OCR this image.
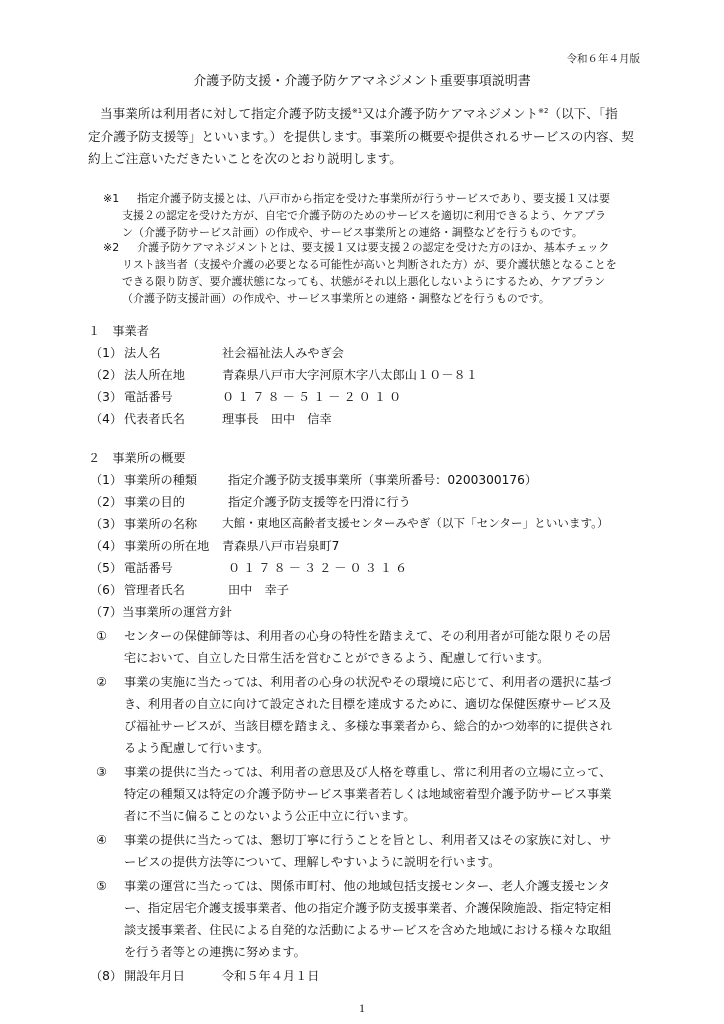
令和６年４月版
介護予防支援・介護予防ケアマネジメント重要事項説明書
当事業所は利用者に対して指定介護予防支援$^{※1}$又は介護予防ケアマネジメント$^{※2}$（以下、「指
定介護予防支援等」といいます。）を提供します。事業所の概要や提供されるサービスの内容、契
約上ご注意いただきたいことを次のとおり説明します。
※1 指定介護予防支援とは、八戸市から指定を受けた事業所が行うサービスであり、要支援１又は要
支援２の認定を受けた方が、自宅で介護予防のためのサービスを適切に利用できるよう、ケアプラ
ン（介護予防サービス計画）の作成や、サービス事業所との連絡・調整などを行うものです。
※2 介護予防ケアマネジメントとは、要支援１又は要支援２の認定を受けた方のほか、基本チェック
リスト該当者（支援や介護の必要となる可能性が高いと判断された方）が、要介護状態となることを
できる限り防ぎ、要介護状態になっても、状態がそれ以上悪化しないようにするため、ケアプラン
（介護予防支援計画）の作成や、サービス事業所との連絡・調整などを行うものです。
１　事業者
（1） 法人名	社会福祉法人みやぎ会
（2） 法人所在地	青森県八戸市大字河原木字八太郎山１０－８１
（3） 電話番号	０１７８－５１－２０１０
（4） 代表者氏名	理事長　田中　信幸
２　事業所の概要
（1） 事業所の種類	指定介護予防支援事業所（事業所番号：0200300176）
（2） 事業の目的	指定介護予防支援等を円滑に行う
（3） 事業所の名称 大館・東地区高齢者支援センターみやぎ（以下「センター」といいます。）
（4） 事業所の所在地 青森県八戸市岩泉町7
（5） 電話番号	０１７８－３２－０３１６
（6） 管理者氏名	田中　幸子
（7）当事業所の運営方針
① センターの保健師等は、利用者の心身の特性を踏まえて、その利用者が可能な限りその居
宅において、自立した日常生活を営むことができるよう、配慮して行います。
② 事業の実施に当たっては、利用者の心身の状況やその環境に応じて、利用者の選択に基づ
き、利用者の自立に向けて設定された目標を達成するために、適切な保健医療サービス及
び福祉サービスが、当該目標を踏まえ、多様な事業者から、総合的かつ効率的に提供され
るよう配慮して行います。
③ 事業の提供に当たっては、利用者の意思及び人格を尊重し、常に利用者の立場に立って、
特定の種類又は特定の介護予防サービス事業者若しくは地域密着型介護予防サービス事業
者に不当に偏ることのないよう公正中立に行います。
④ 事業の提供に当たっては、懇切丁寧に行うことを旨とし、利用者又はその家族に対し、サ
ービスの提供方法等について、理解しやすいように説明を行います。
⑤ 事業の運営に当たっては、関係市町村、他の地域包括支援センター、老人介護支援センタ
ー、指定居宅介護支援事業者、他の指定介護予防支援事業者、介護保険施設、指定特定相
談支援事業者、住民による自発的な活動によるサービスを含めた地域における様々な取組
を行う者等との連携に努めます。
（8） 開設年月日	令和５年４月１日
1
